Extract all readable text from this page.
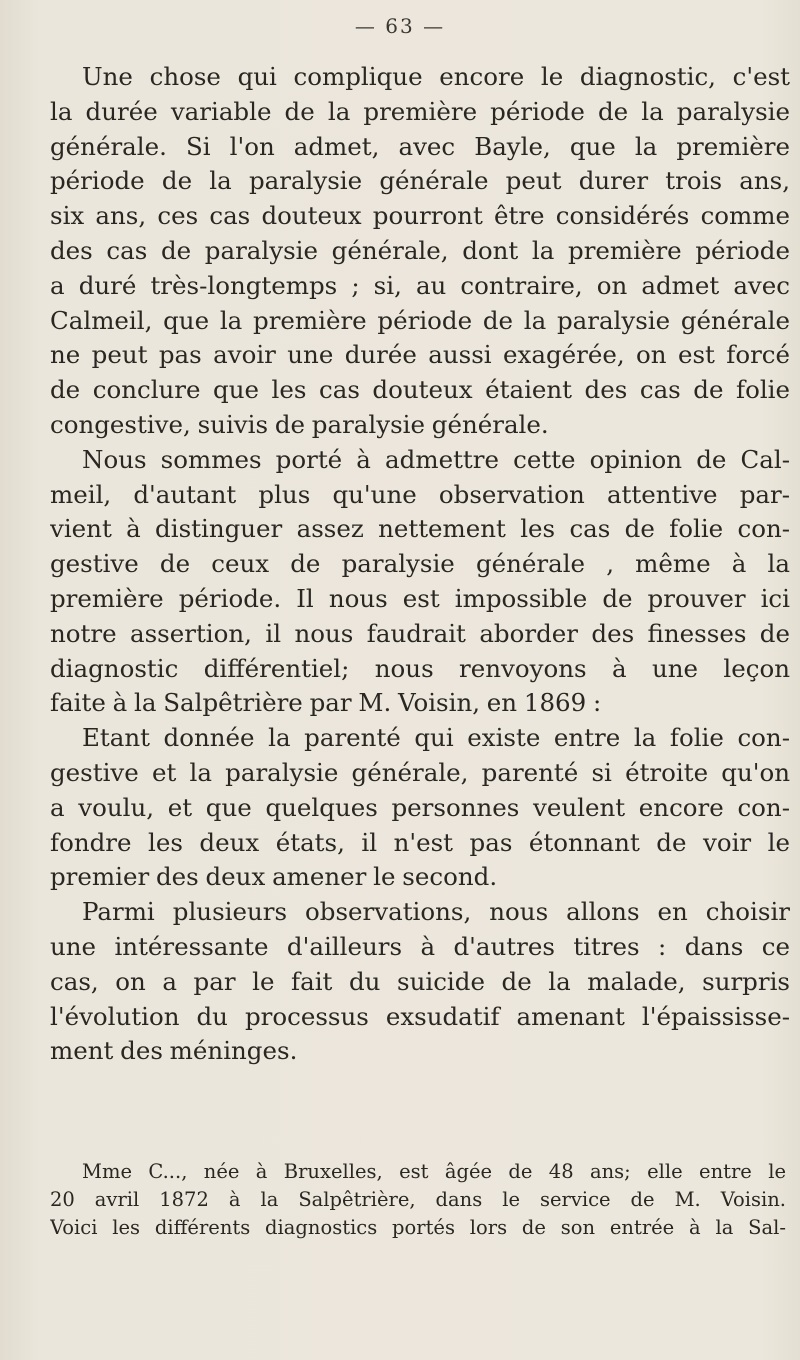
— 63 —
Une chose qui complique encore le diagnostic, c'est
la durée variable de la première période de la paralysie
générale. Si l'on admet, avec Bayle, que la première
période de la paralysie générale peut durer trois ans,
six ans, ces cas douteux pourront être considérés comme
des cas de paralysie générale, dont la première période
a duré très-longtemps ; si, au contraire, on admet avec
Calmeil, que la première période de la paralysie générale
ne peut pas avoir une durée aussi exagérée, on est forcé
de conclure que les cas douteux étaient des cas de folie
congestive, suivis de paralysie générale.
Nous sommes porté à admettre cette opinion de Cal-
meil, d'autant plus qu'une observation attentive par-
vient à distinguer assez nettement les cas de folie con-
gestive de ceux de paralysie générale , même à la
première période. Il nous est impossible de prouver ici
notre assertion, il nous faudrait aborder des finesses de
diagnostic différentiel; nous renvoyons à une leçon
faite à la Salpêtrière par M. Voisin, en 1869 :
Etant donnée la parenté qui existe entre la folie con-
gestive et la paralysie générale, parenté si étroite qu'on
a voulu, et que quelques personnes veulent encore con-
fondre les deux états, il n'est pas étonnant de voir le
premier des deux amener le second.
Parmi plusieurs observations, nous allons en choisir
une intéressante d'ailleurs à d'autres titres : dans ce
cas, on a par le fait du suicide de la malade, surpris
l'évolution du processus exsudatif amenant l'épaississe-
ment des méninges.
Mme C..., née à Bruxelles, est âgée de 48 ans; elle entre le
20 avril 1872 à la Salpêtrière, dans le service de M. Voisin.
Voici les différents diagnostics portés lors de son entrée à la Sal-
